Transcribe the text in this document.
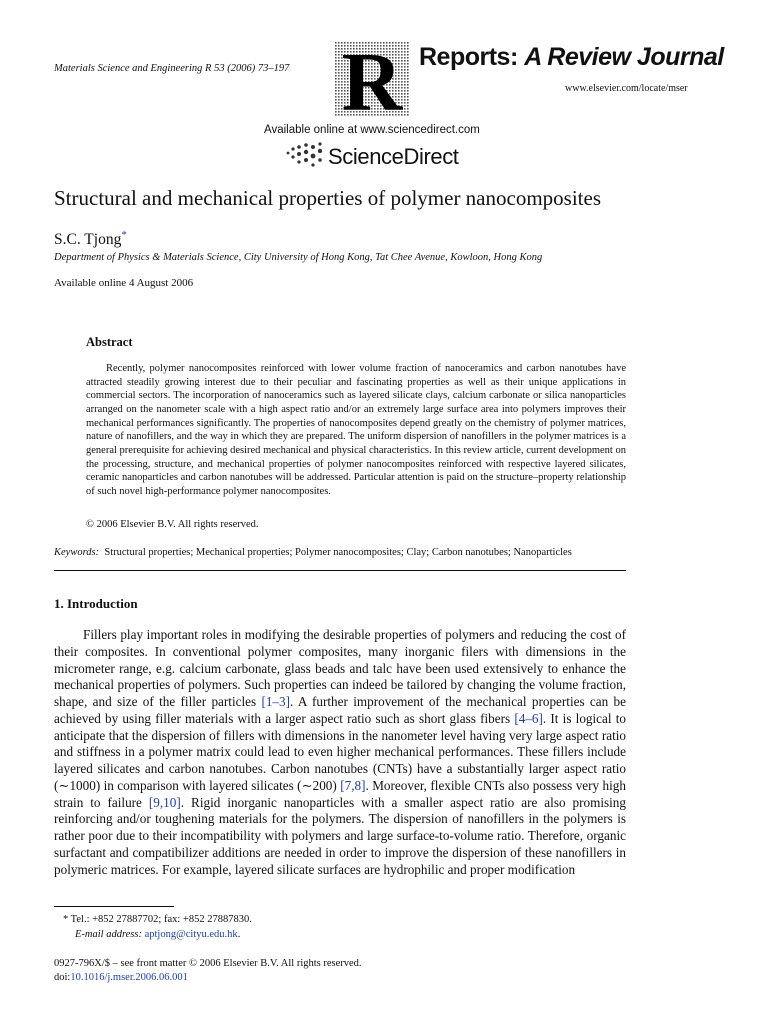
Materials Science and Engineering R 53 (2006) 73–197 R Reports: A Review Journal
www.elsevier.com/locate/mser
Available online at www.sciencedirect.com
ScienceDirect
Structural and mechanical properties of polymer nanocomposites
S.C. Tjong*
Department of Physics & Materials Science, City University of Hong Kong, Tat Chee Avenue, Kowloon, Hong Kong
Available online 4 August 2006
Abstract

Recently, polymer nanocomposites reinforced with lower volume fraction of nanoceramics and carbon nanotubes have attracted steadily growing interest due to their peculiar and fascinating properties as well as their unique applications in commercial sectors. The incorporation of nanoceramics such as layered silicate clays, calcium carbonate or silica nanoparticles arranged on the nanometer scale with a high aspect ratio and/or an extremely large surface area into polymers improves their mechanical performances significantly. The properties of nanocomposites depend greatly on the chemistry of polymer matrices, nature of nanofillers, and the way in which they are prepared. The uniform dispersion of nanofillers in the polymer matrices is a general prerequisite for achieving desired mechanical and physical characteristics. In this review article, current development on the processing, structure, and mechanical properties of polymer nanocomposites reinforced with respective layered silicates, ceramic nanoparticles and carbon nanotubes will be addressed. Particular attention is paid on the structure–property relationship of such novel high-performance polymer nanocomposites.

© 2006 Elsevier B.V. All rights reserved.
Keywords: Structural properties; Mechanical properties; Polymer nanocomposites; Clay; Carbon nanotubes; Nanoparticles
1. Introduction

Fillers play important roles in modifying the desirable properties of polymers and reducing the cost of their composites. In conventional polymer composites, many inorganic filers with dimensions in the micrometer range, e.g. calcium carbonate, glass beads and talc have been used extensively to enhance the mechanical properties of polymers. Such properties can indeed be tailored by changing the volume fraction, shape, and size of the filler particles [1–3]. A further improvement of the mechanical properties can be achieved by using filler materials with a larger aspect ratio such as short glass fibers [4–6]. It is logical to anticipate that the dispersion of fillers with dimensions in the nanometer level having very large aspect ratio and stiffness in a polymer matrix could lead to even higher mechanical performances. These fillers include layered silicates and carbon nanotubes. Carbon nanotubes (CNTs) have a substantially larger aspect ratio (∼1000) in comparison with layered silicates (∼200) [7,8]. Moreover, flexible CNTs also possess very high strain to failure [9,10]. Rigid inorganic nanoparticles with a smaller aspect ratio are also promising reinforcing and/or toughening materials for the polymers. The dispersion of nanofillers in the polymers is rather poor due to their incompatibility with polymers and large surface-to-volume ratio. Therefore, organic surfactant and compatibilizer additions are needed in order to improve the dispersion of these nanofillers in polymeric matrices. For example, layered silicate surfaces are hydrophilic and proper modification

* Tel.: +852 27887702; fax: +852 27887830.
E-mail address: aptjong@cityu.edu.hk.
0927-796X/$ – see front matter © 2006 Elsevier B.V. All rights reserved.
doi:10.1016/j.mser.2006.06.001
